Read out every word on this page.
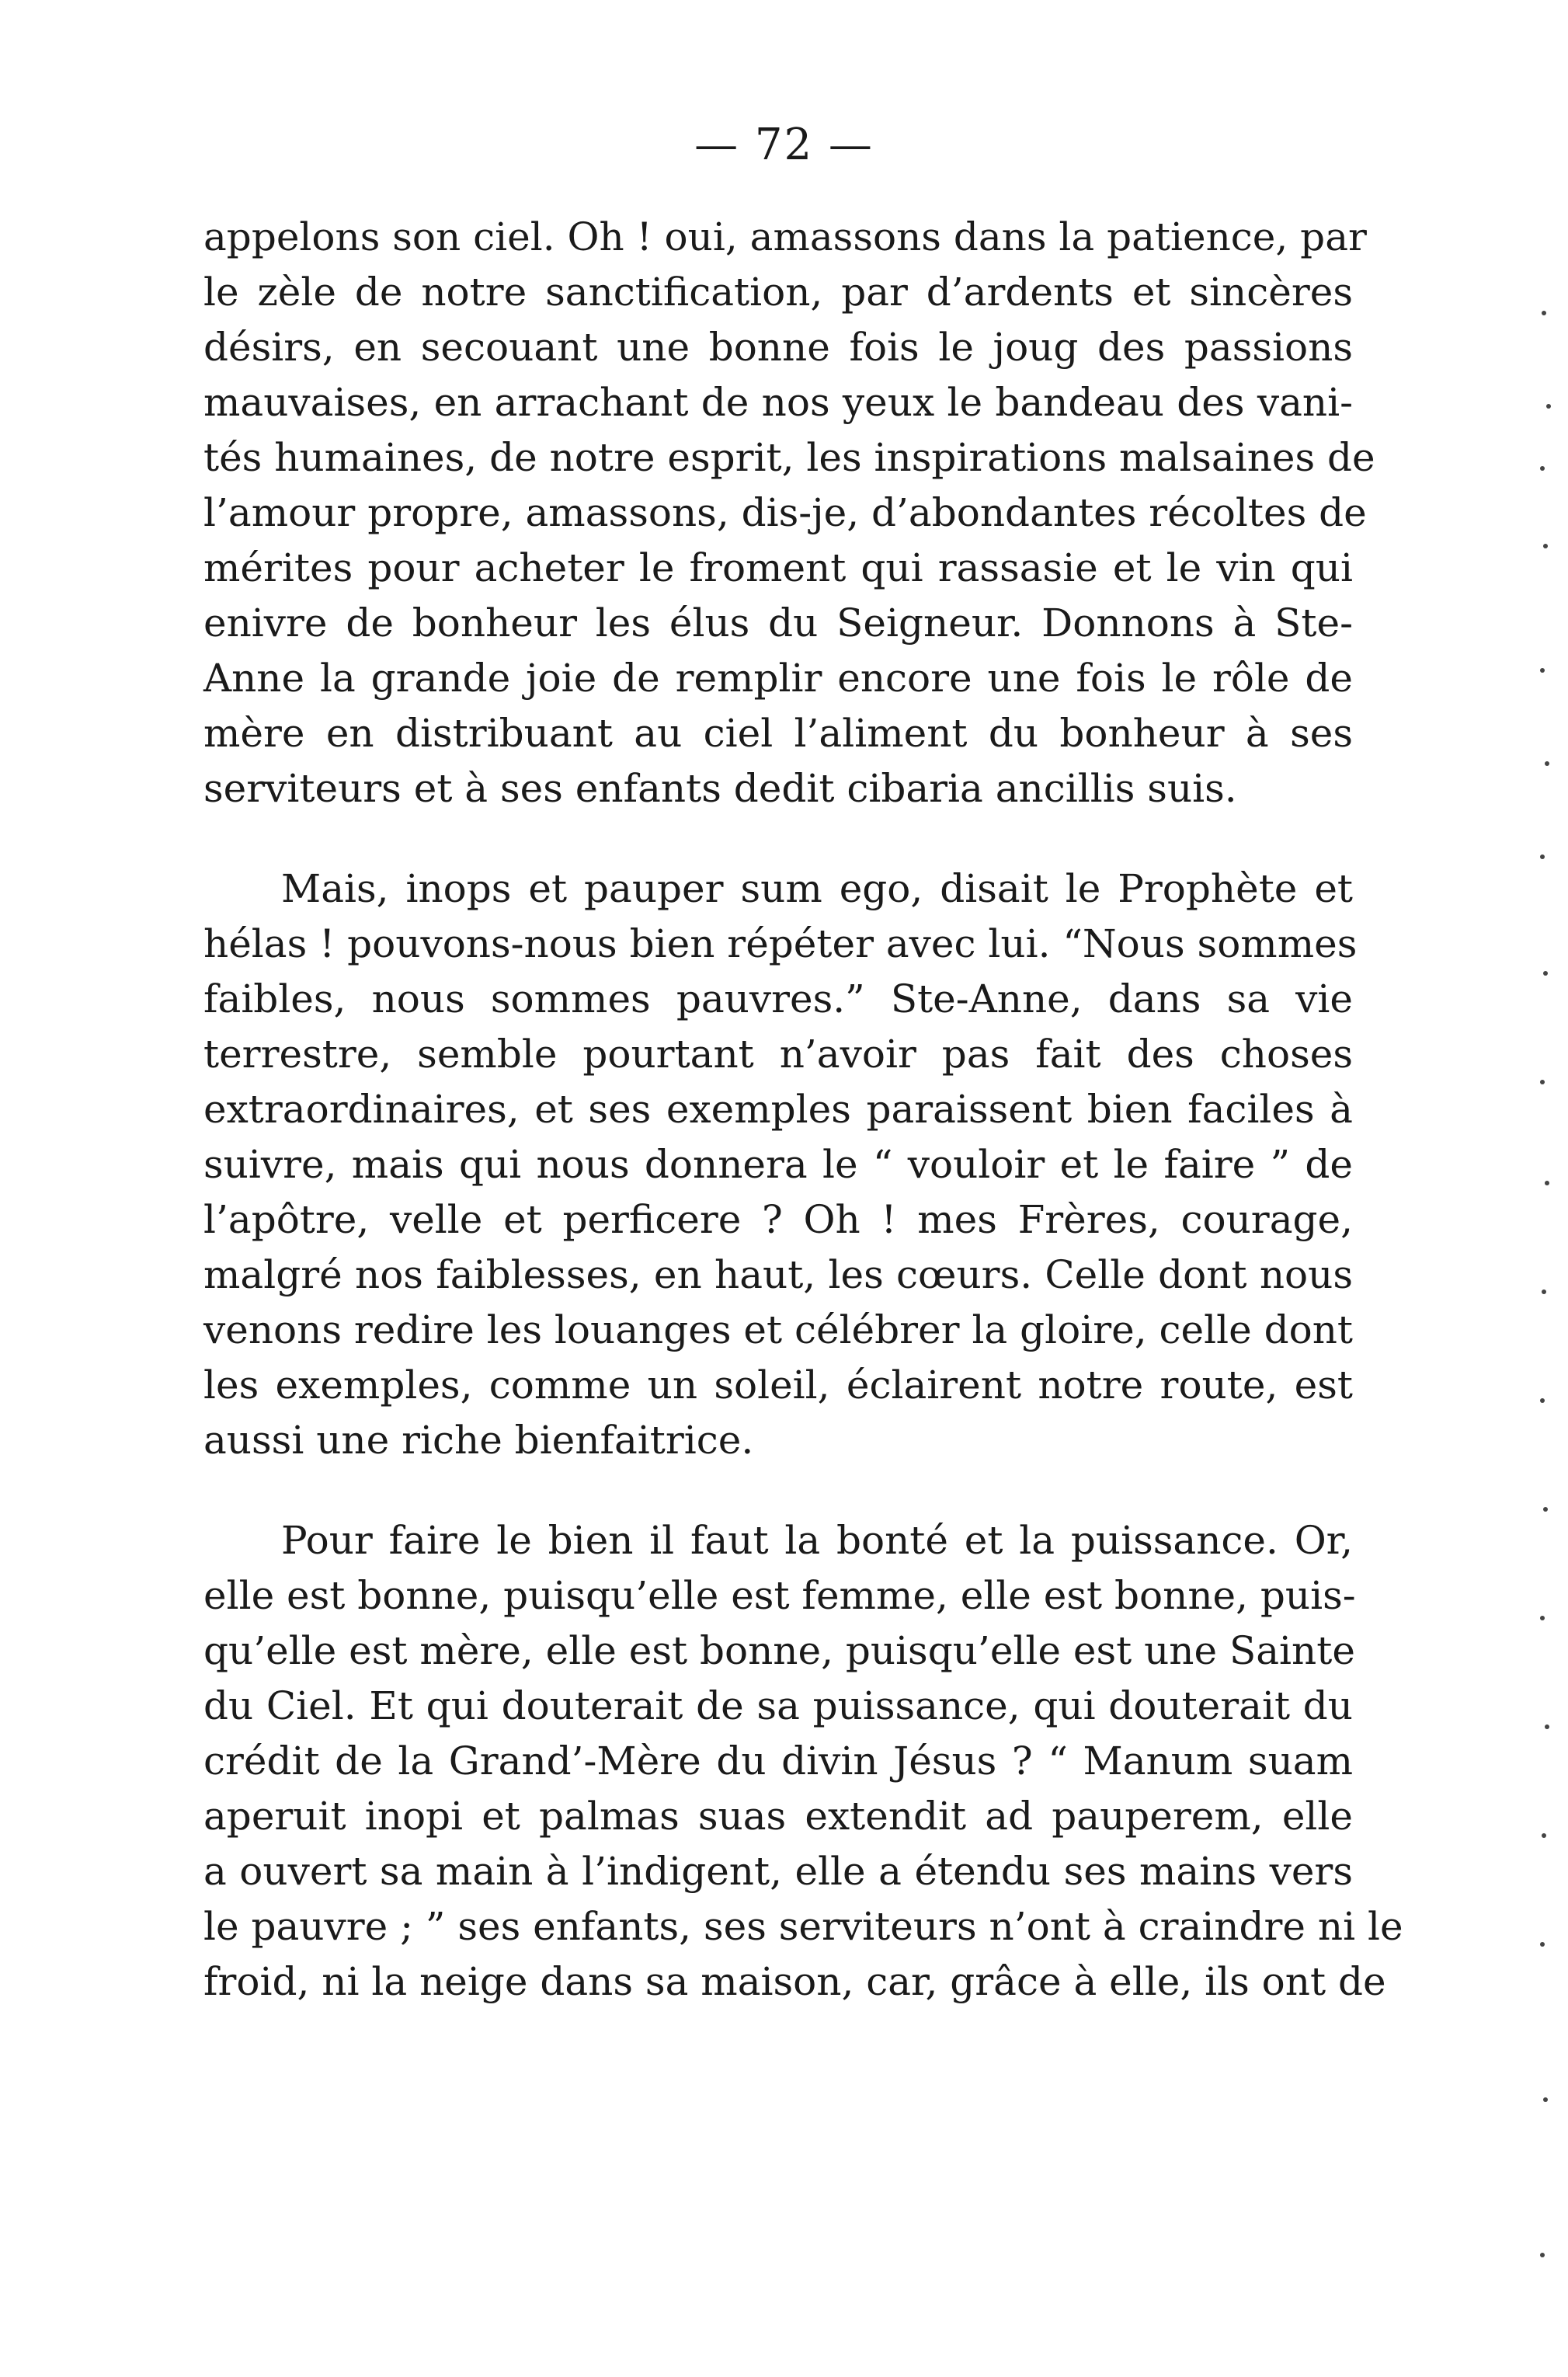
— 72 —

appelons son ciel. Oh ! oui, amassons dans la patience, par
le zèle de notre sanctification, par d’ardents et sincères
désirs, en secouant une bonne fois le joug des passions
mauvaises, en arrachant de nos yeux le bandeau des vani-
tés humaines, de notre esprit, les inspirations malsaines de
l’amour propre, amassons, dis-je, d’abondantes récoltes de
mérites pour acheter le froment qui rassasie et le vin qui
enivre de bonheur les élus du Seigneur. Donnons à Ste-
Anne la grande joie de remplir encore une fois le rôle de
mère en distribuant au ciel l’aliment du bonheur à ses
serviteurs et à ses enfants dedit cibaria ancillis suis.

Mais, inops et pauper sum ego, disait le Prophète et
hélas ! pouvons-nous bien répéter avec lui. “Nous sommes
faibles, nous sommes pauvres.” Ste-Anne, dans sa vie
terrestre, semble pourtant n’avoir pas fait des choses
extraordinaires, et ses exemples paraissent bien faciles à
suivre, mais qui nous donnera le “ vouloir et le faire ” de
l’apôtre, velle et perficere ? Oh ! mes Frères, courage,
malgré nos faiblesses, en haut, les cœurs. Celle dont nous
venons redire les louanges et célébrer la gloire, celle dont
les exemples, comme un soleil, éclairent notre route, est
aussi une riche bienfaitrice.

Pour faire le bien il faut la bonté et la puissance. Or,
elle est bonne, puisqu’elle est femme, elle est bonne, puis-
qu’elle est mère, elle est bonne, puisqu’elle est une Sainte
du Ciel. Et qui douterait de sa puissance, qui douterait du
crédit de la Grand’-Mère du divin Jésus ? “ Manum suam
aperuit inopi et palmas suas extendit ad pauperem, elle
a ouvert sa main à l’indigent, elle a étendu ses mains vers
le pauvre ; ” ses enfants, ses serviteurs n’ont à craindre ni le
froid, ni la neige dans sa maison, car, grâce à elle, ils ont de
